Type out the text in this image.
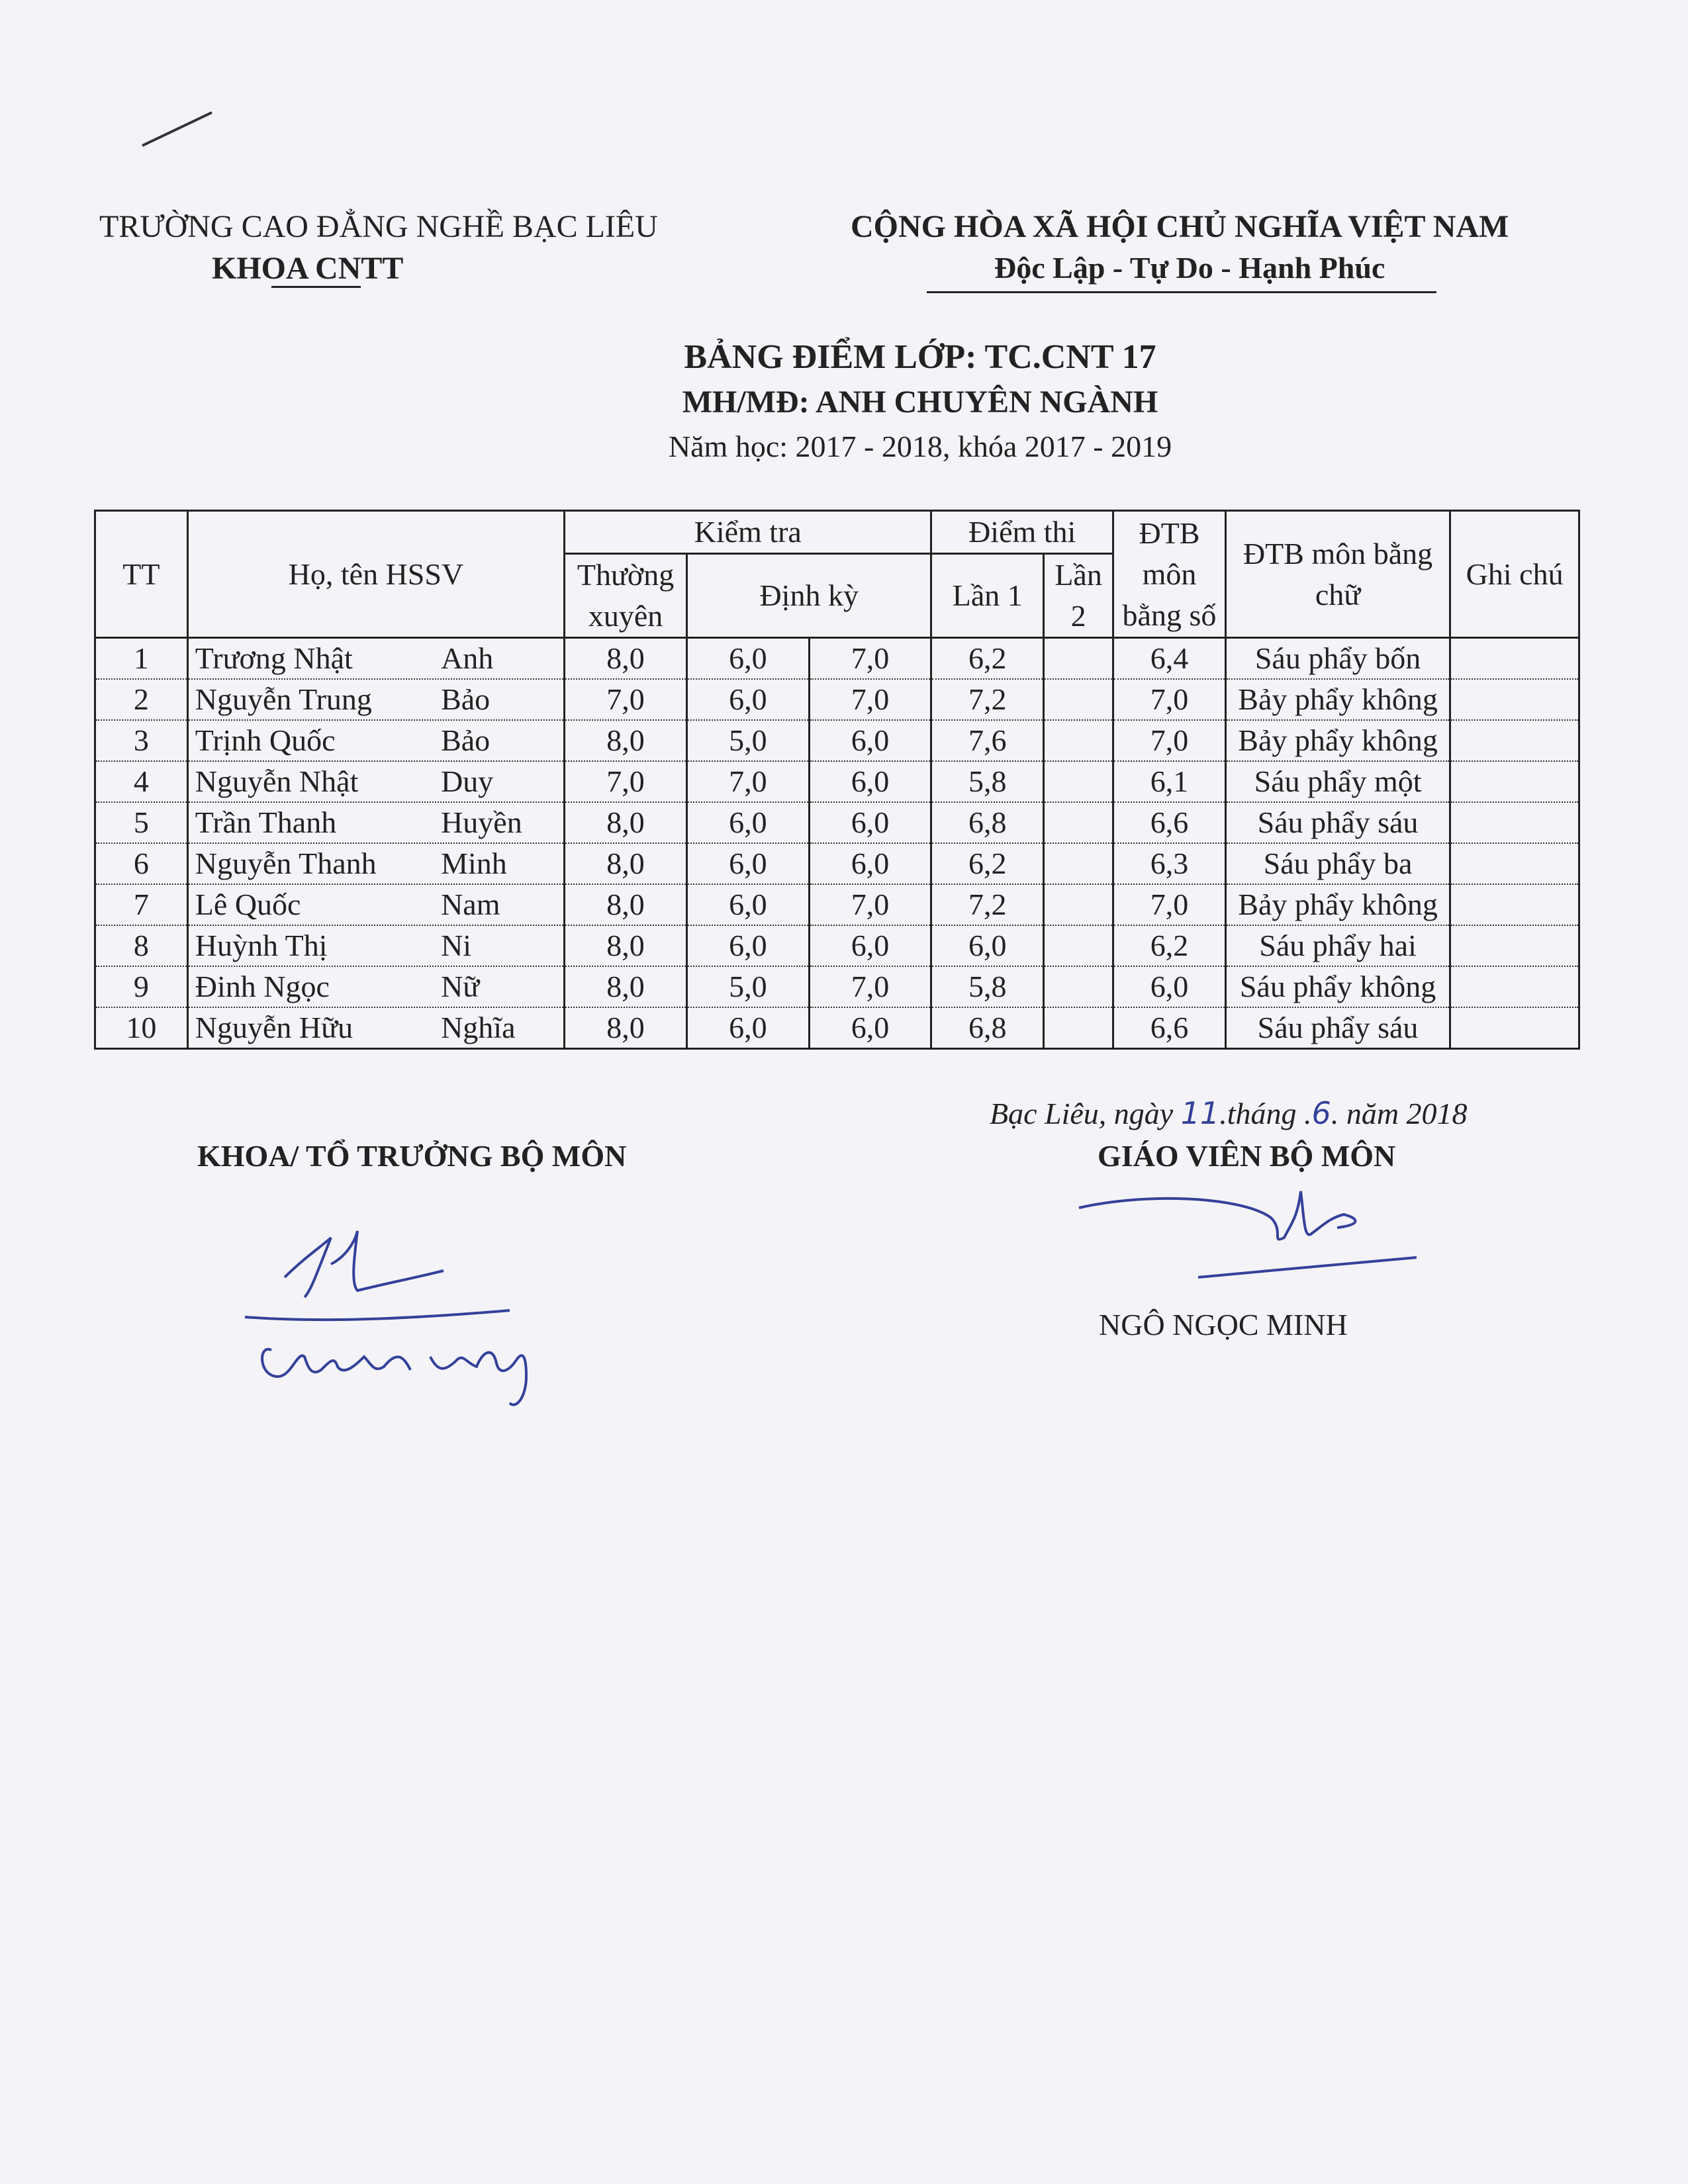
TRƯỜNG CAO ĐẲNG NGHỀ BẠC LIÊU
KHOA CNTT
CỘNG HÒA XÃ HỘI CHỦ NGHĨA VIỆT NAM
Độc Lập - Tự Do - Hạnh Phúc
BẢNG ĐIỂM LỚP: TC.CNT 17
MH/MĐ: ANH CHUYÊN NGÀNH
Năm học: 2017 - 2018, khóa 2017 - 2019
TT	Họ, tên HSSV	Kiểm tra			Điểm thi		ĐTB môn bằng số	ĐTB môn bằng chữ	Ghi chú
		Thường xuyên	Định kỳ		Lần 1	Lần 2			
1	Trương Nhật Anh	8,0	6,0	7,0	6,2		6,4	Sáu phẩy bốn	
2	Nguyễn Trung Bảo	7,0	6,0	7,0	7,2		7,0	Bảy phẩy không	
3	Trịnh Quốc Bảo	8,0	5,0	6,0	7,6		7,0	Bảy phẩy không	
4	Nguyễn Nhật Duy	7,0	7,0	6,0	5,8		6,1	Sáu phẩy một	
5	Trần Thanh Huyền	8,0	6,0	6,0	6,8		6,6	Sáu phẩy sáu	
6	Nguyễn Thanh Minh	8,0	6,0	6,0	6,2		6,3	Sáu phẩy ba	
7	Lê Quốc Nam	8,0	6,0	7,0	7,2		7,0	Bảy phẩy không	
8	Huỳnh Thị Ni	8,0	6,0	6,0	6,0		6,2	Sáu phẩy hai	
9	Đinh Ngọc Nữ	8,0	5,0	7,0	5,8		6,0	Sáu phẩy không	
10	Nguyễn Hữu Nghĩa	8,0	6,0	6,0	6,8		6,6	Sáu phẩy sáu	
Bạc Liêu, ngày 11.tháng .6. năm 2018
KHOA/ TỔ TRƯỞNG BỘ MÔN	GIÁO VIÊN BỘ MÔN
NGÔ NGỌC MINH
